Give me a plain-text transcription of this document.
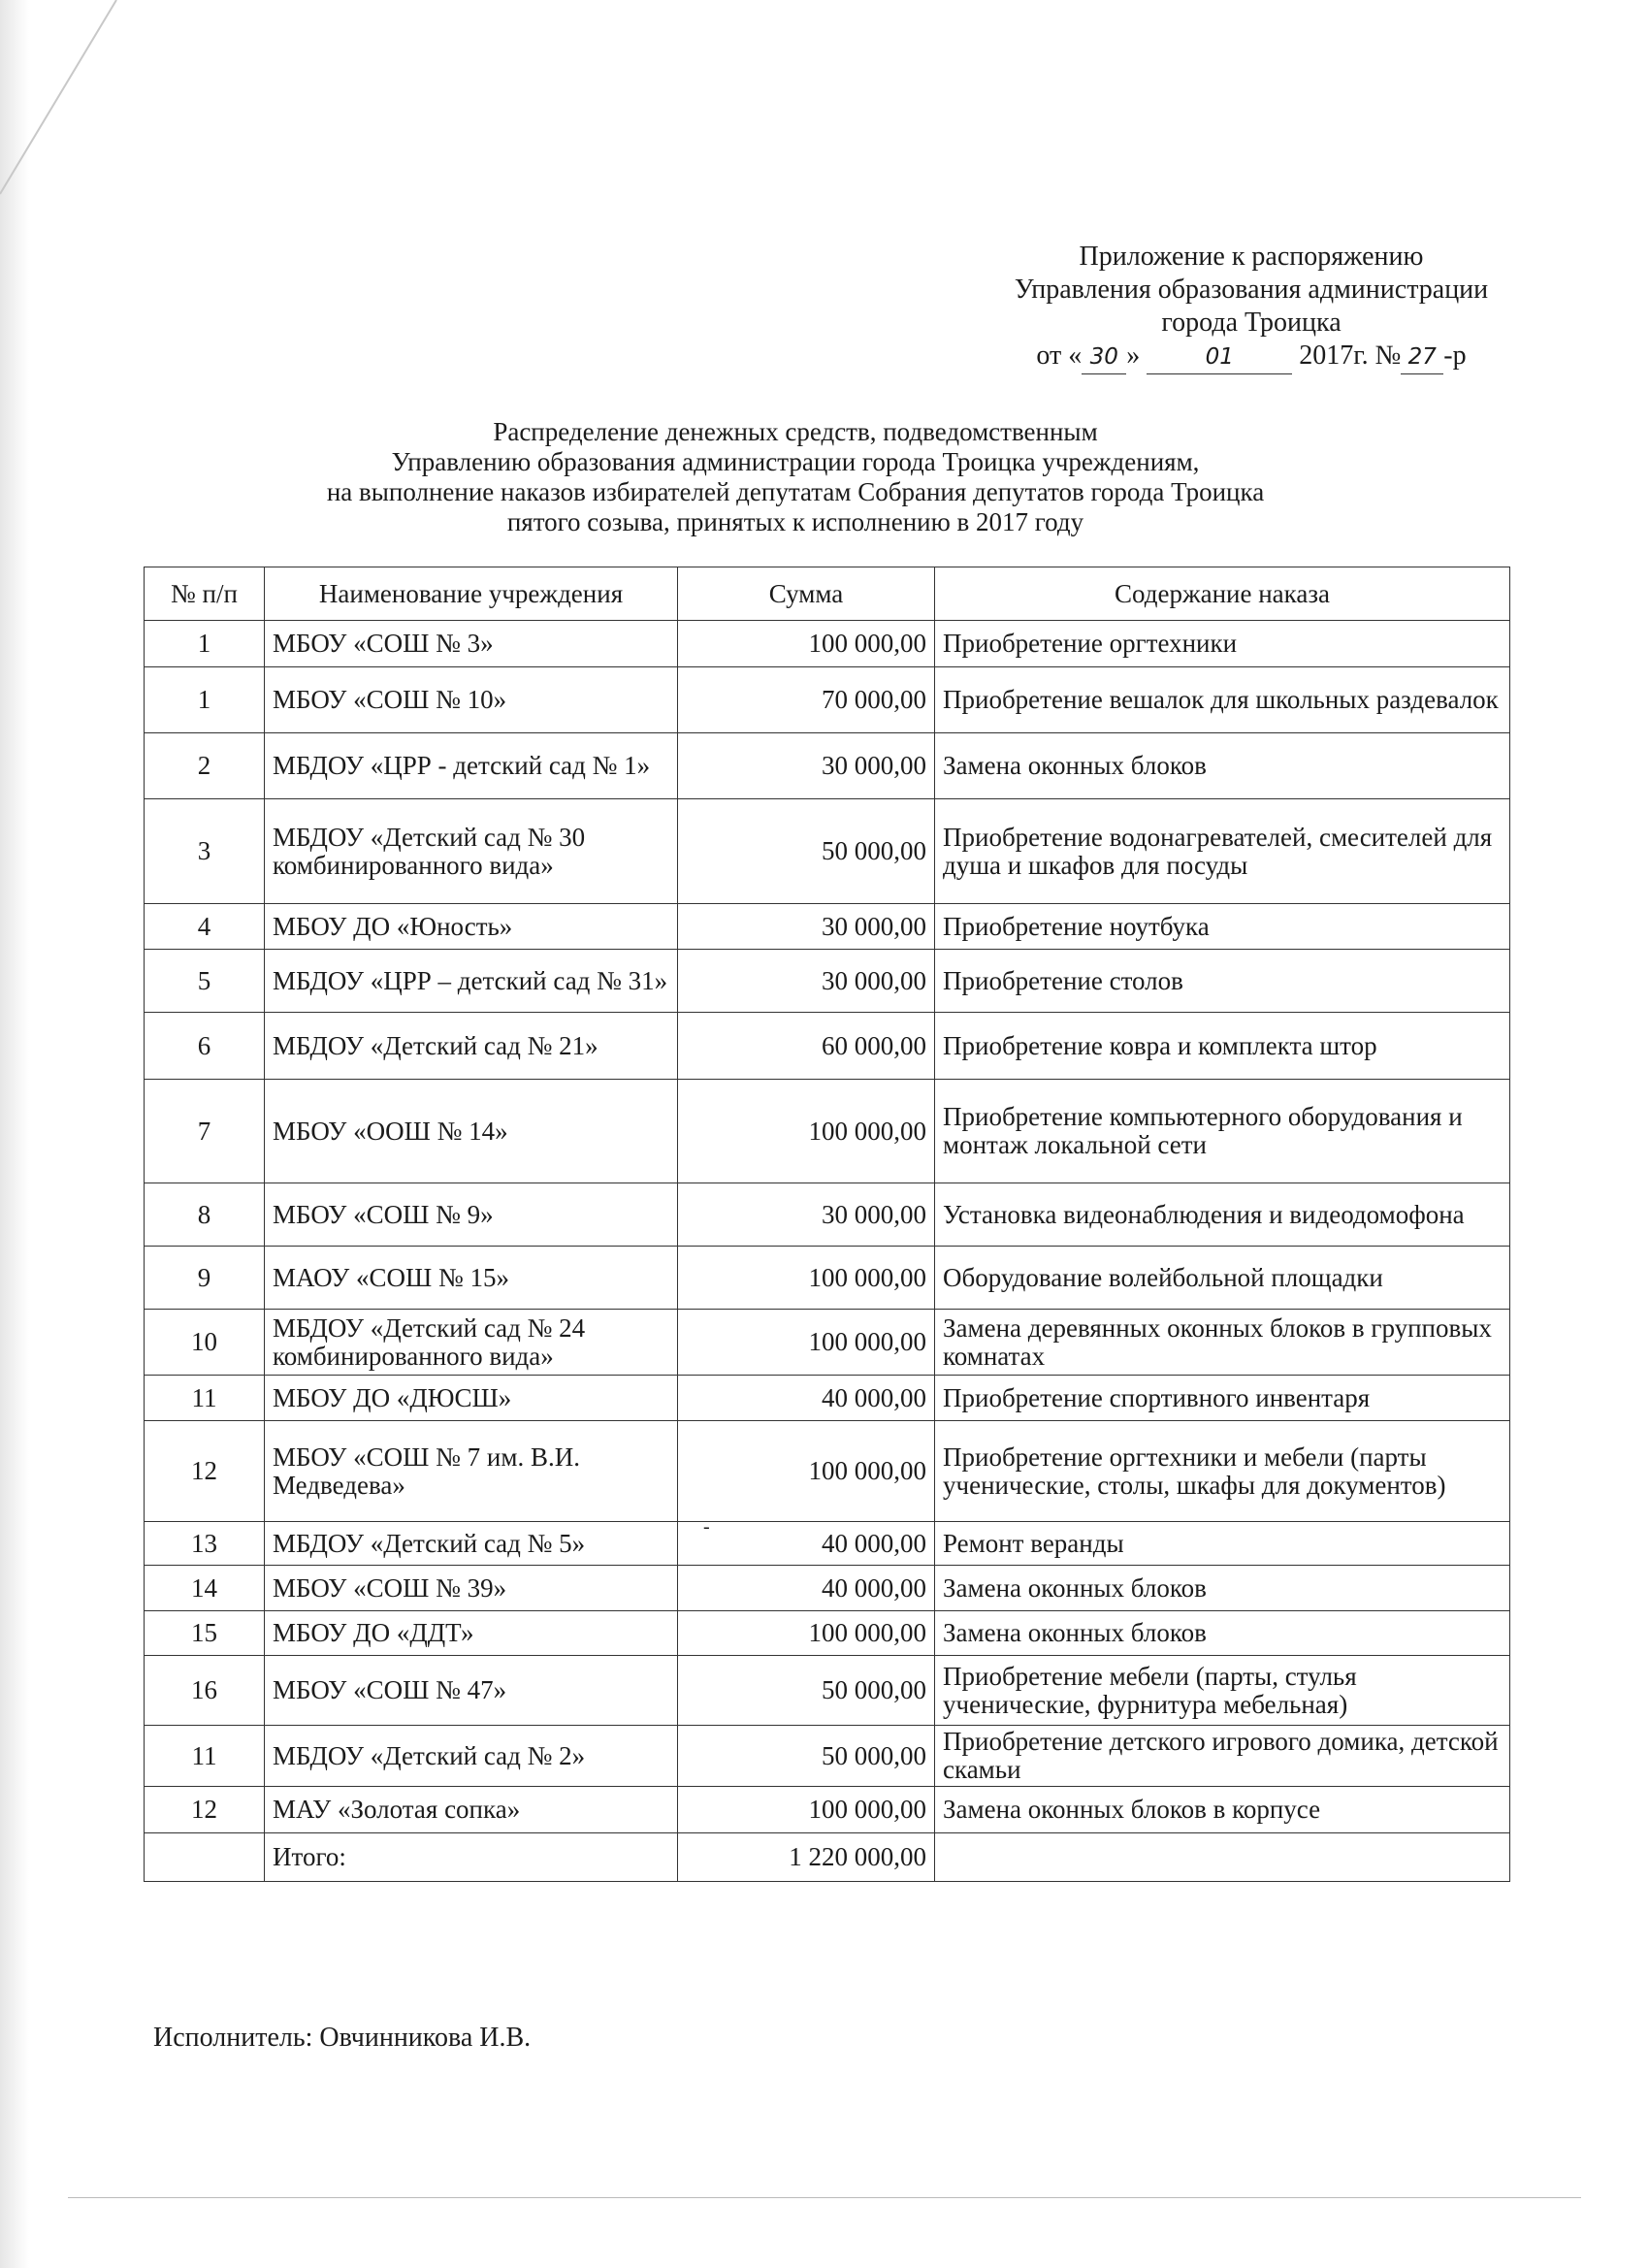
Приложение к распоряжению
Управления образования администрации
города Троицка
от « 30 »	01 2017г. № 27 -р
Распределение денежных средств, подведомственным
Управлению образования администрации города Троицка учреждениям,
на выполнение наказов избирателей депутатам Собрания депутатов города Троицка
пятого созыва, принятых к исполнению в 2017 году
№ п/п	Наименование учреждения	Сумма	Содержание наказа
1	МБОУ «СОШ № 3»	100 000,00	Приобретение оргтехники
1	МБОУ «СОШ № 10»	70 000,00	Приобретение вешалок для школьных раздевалок
2	МБДОУ «ЦРР - детский сад № 1»	30 000,00	Замена оконных блоков
3	МБДОУ «Детский сад № 30 комбинированного вида»	50 000,00	Приобретение водонагревателей, смесителей для душа и шкафов для посуды
4	МБОУ ДО «Юность»	30 000,00	Приобретение ноутбука
5	МБДОУ «ЦРР – детский сад № 31»	30 000,00	Приобретение столов
6	МБДОУ «Детский сад № 21»	60 000,00	Приобретение ковра и комплекта штор
7	МБОУ «ООШ № 14»	100 000,00	Приобретение компьютерного оборудования и монтаж локальной сети
8	МБОУ «СОШ № 9»	30 000,00	Установка видеонаблюдения и видеодомофона
9	МАОУ «СОШ № 15»	100 000,00	Оборудование волейбольной площадки
10	МБДОУ «Детский сад № 24 комбинированного вида»	100 000,00	Замена деревянных оконных блоков в групповых комнатах
11	МБОУ ДО «ДЮСШ»	40 000,00	Приобретение спортивного инвентаря
12	МБОУ «СОШ № 7 им. В.И. Медведева»	100 000,00	Приобретение оргтехники и мебели (парты ученические, столы, шкафы для документов)
13	МБДОУ «Детский сад № 5»	40 000,00	Ремонт веранды
14	МБОУ «СОШ № 39»	40 000,00	Замена оконных блоков
15	МБОУ ДО «ДДТ»	100 000,00	Замена оконных блоков
16	МБОУ «СОШ № 47»	50 000,00	Приобретение мебели (парты, стулья ученические, фурнитура мебельная)
11	МБДОУ «Детский сад № 2»	50 000,00	Приобретение детского игрового домика, детской скамьи
12	МАУ «Золотая сопка»	100 000,00	Замена оконных блоков в корпусе
	Итого:	1 220 000,00	
-
Исполнитель: Овчинникова И.В.
